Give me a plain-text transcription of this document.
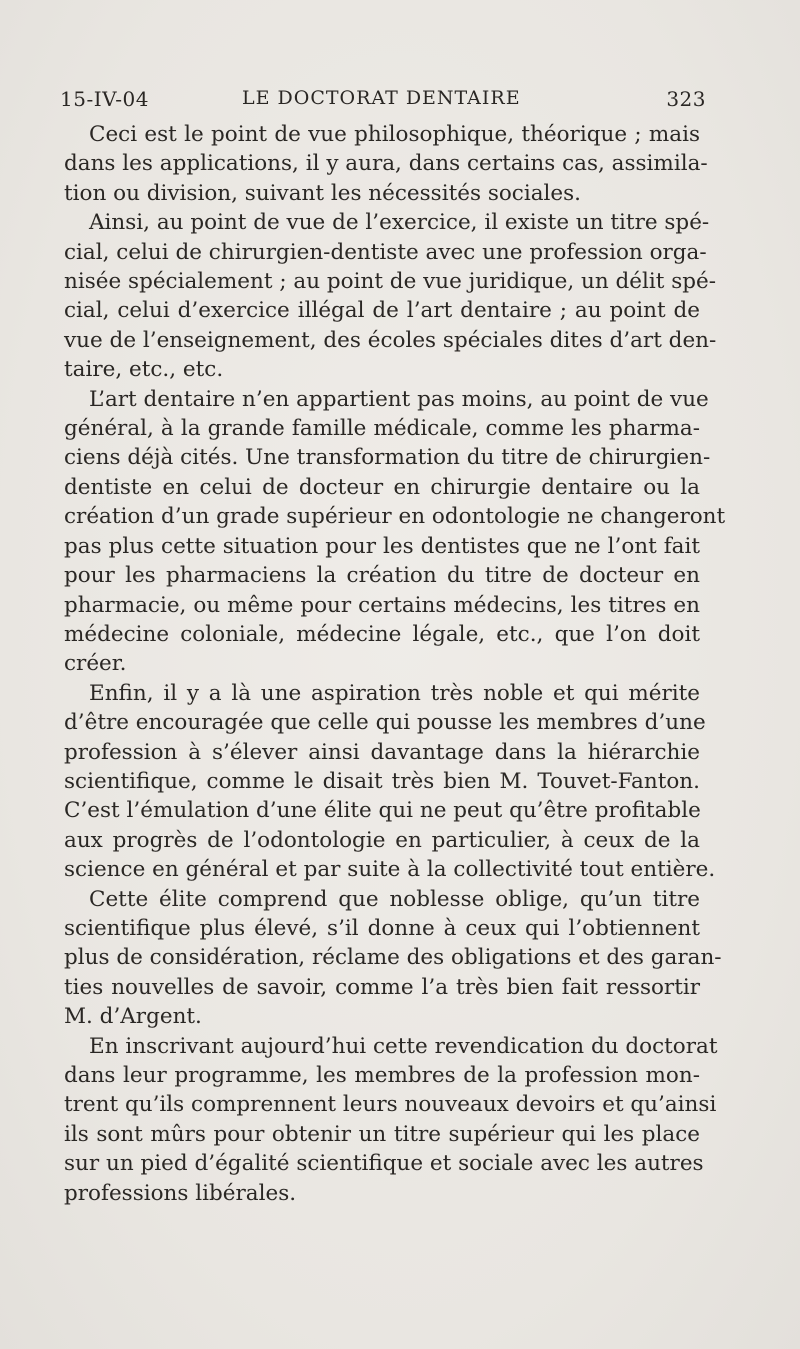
15-IV-04	LE DOCTORAT DENTAIRE	323
Ceci est le point de vue philosophique, théorique ; mais
dans les applications, il y aura, dans certains cas, assimila-
tion ou division, suivant les nécessités sociales.
Ainsi, au point de vue de l’exercice, il existe un titre spé-
cial, celui de chirurgien-dentiste avec une profession orga-
nisée spécialement ; au point de vue juridique, un délit spé-
cial, celui d’exercice illégal de l’art dentaire ; au point de
vue de l’enseignement, des écoles spéciales dites d’art den-
taire, etc., etc.
L’art dentaire n’en appartient pas moins, au point de vue
général, à la grande famille médicale, comme les pharma-
ciens déjà cités. Une transformation du titre de chirurgien-
dentiste en celui de docteur en chirurgie dentaire ou la
création d’un grade supérieur en odontologie ne changeront
pas plus cette situation pour les dentistes que ne l’ont fait
pour les pharmaciens la création du titre de docteur en
pharmacie, ou même pour certains médecins, les titres en
médecine coloniale, médecine légale, etc., que l’on doit
créer.
Enfin, il y a là une aspiration très noble et qui mérite
d’être encouragée que celle qui pousse les membres d’une
profession à s’élever ainsi davantage dans la hiérarchie
scientifique, comme le disait très bien M. Touvet-Fanton.
C’est l’émulation d’une élite qui ne peut qu’être profitable
aux progrès de l’odontologie en particulier, à ceux de la
science en général et par suite à la collectivité tout entière.
Cette élite comprend que noblesse oblige, qu’un titre
scientifique plus élevé, s’il donne à ceux qui l’obtiennent
plus de considération, réclame des obligations et des garan-
ties nouvelles de savoir, comme l’a très bien fait ressortir
M. d’Argent.
En inscrivant aujourd’hui cette revendication du doctorat
dans leur programme, les membres de la profession mon-
trent qu’ils comprennent leurs nouveaux devoirs et qu’ainsi
ils sont mûrs pour obtenir un titre supérieur qui les place
sur un pied d’égalité scientifique et sociale avec les autres
professions libérales.
